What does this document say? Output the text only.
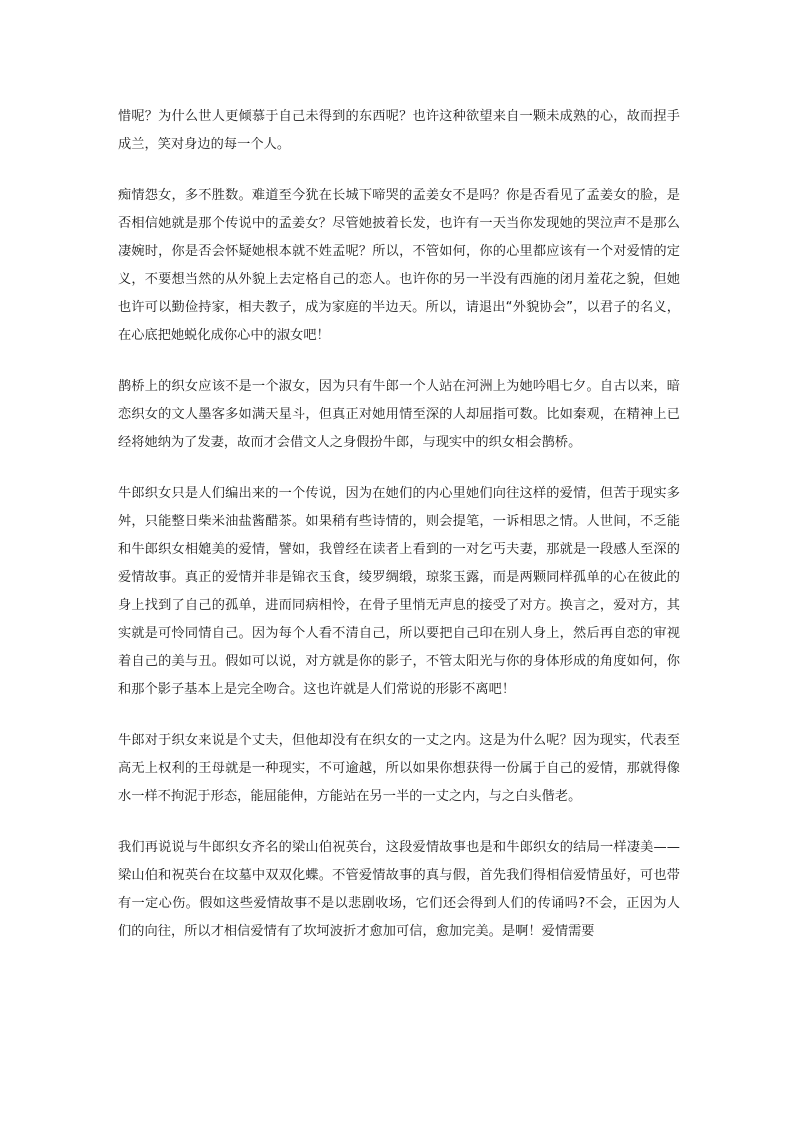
惜呢？为什么世人更倾慕于自己未得到的东西呢？也许这种欲望来自一颗未成熟的心，故而捏手成兰，笑对身边的每一个人。

痴情怨女，多不胜数。难道至今犹在长城下啼哭的孟姜女不是吗？你是否看见了孟姜女的脸，是否相信她就是那个传说中的孟姜女？尽管她披着长发，也许有一天当你发现她的哭泣声不是那么凄婉时，你是否会怀疑她根本就不姓孟呢？所以，不管如何，你的心里都应该有一个对爱情的定义，不要想当然的从外貌上去定格自己的恋人。也许你的另一半没有西施的闭月羞花之貌，但她也许可以勤俭持家，相夫教子，成为家庭的半边天。所以，请退出“外貌协会”，以君子的名义，在心底把她蜕化成你心中的淑女吧！

鹊桥上的织女应该不是一个淑女，因为只有牛郎一个人站在河洲上为她吟唱七夕。自古以来，暗恋织女的文人墨客多如满天星斗，但真正对她用情至深的人却屈指可数。比如秦观，在精神上已经将她纳为了发妻，故而才会借文人之身假扮牛郎，与现实中的织女相会鹊桥。

牛郎织女只是人们编出来的一个传说，因为在她们的内心里她们向往这样的爱情，但苦于现实多舛，只能整日柴米油盐酱醋茶。如果稍有些诗情的，则会提笔，一诉相思之情。人世间，不乏能和牛郎织女相媲美的爱情，譬如，我曾经在读者上看到的一对乞丐夫妻，那就是一段感人至深的爱情故事。真正的爱情并非是锦衣玉食，绫罗绸缎，琼浆玉露，而是两颗同样孤单的心在彼此的身上找到了自己的孤单，进而同病相怜，在骨子里悄无声息的接受了对方。换言之，爱对方，其实就是可怜同情自己。因为每个人看不清自己，所以要把自己印在别人身上，然后再自恋的审视着自己的美与丑。假如可以说，对方就是你的影子，不管太阳光与你的身体形成的角度如何，你和那个影子基本上是完全吻合。这也许就是人们常说的形影不离吧！

牛郎对于织女来说是个丈夫，但他却没有在织女的一丈之内。这是为什么呢？因为现实，代表至高无上权利的王母就是一种现实，不可逾越，所以如果你想获得一份属于自己的爱情，那就得像水一样不拘泥于形态，能屈能伸，方能站在另一半的一丈之内，与之白头偕老。

我们再说说与牛郎织女齐名的梁山伯祝英台，这段爱情故事也是和牛郎织女的结局一样凄美——梁山伯和祝英台在坟墓中双双化蝶。不管爱情故事的真与假，首先我们得相信爱情虽好，可也带有一定心伤。假如这些爱情故事不是以悲剧收场，它们还会得到人们的传诵吗?不会，正因为人们的向往，所以才相信爱情有了坎坷波折才愈加可信，愈加完美。是啊！爱情需要
